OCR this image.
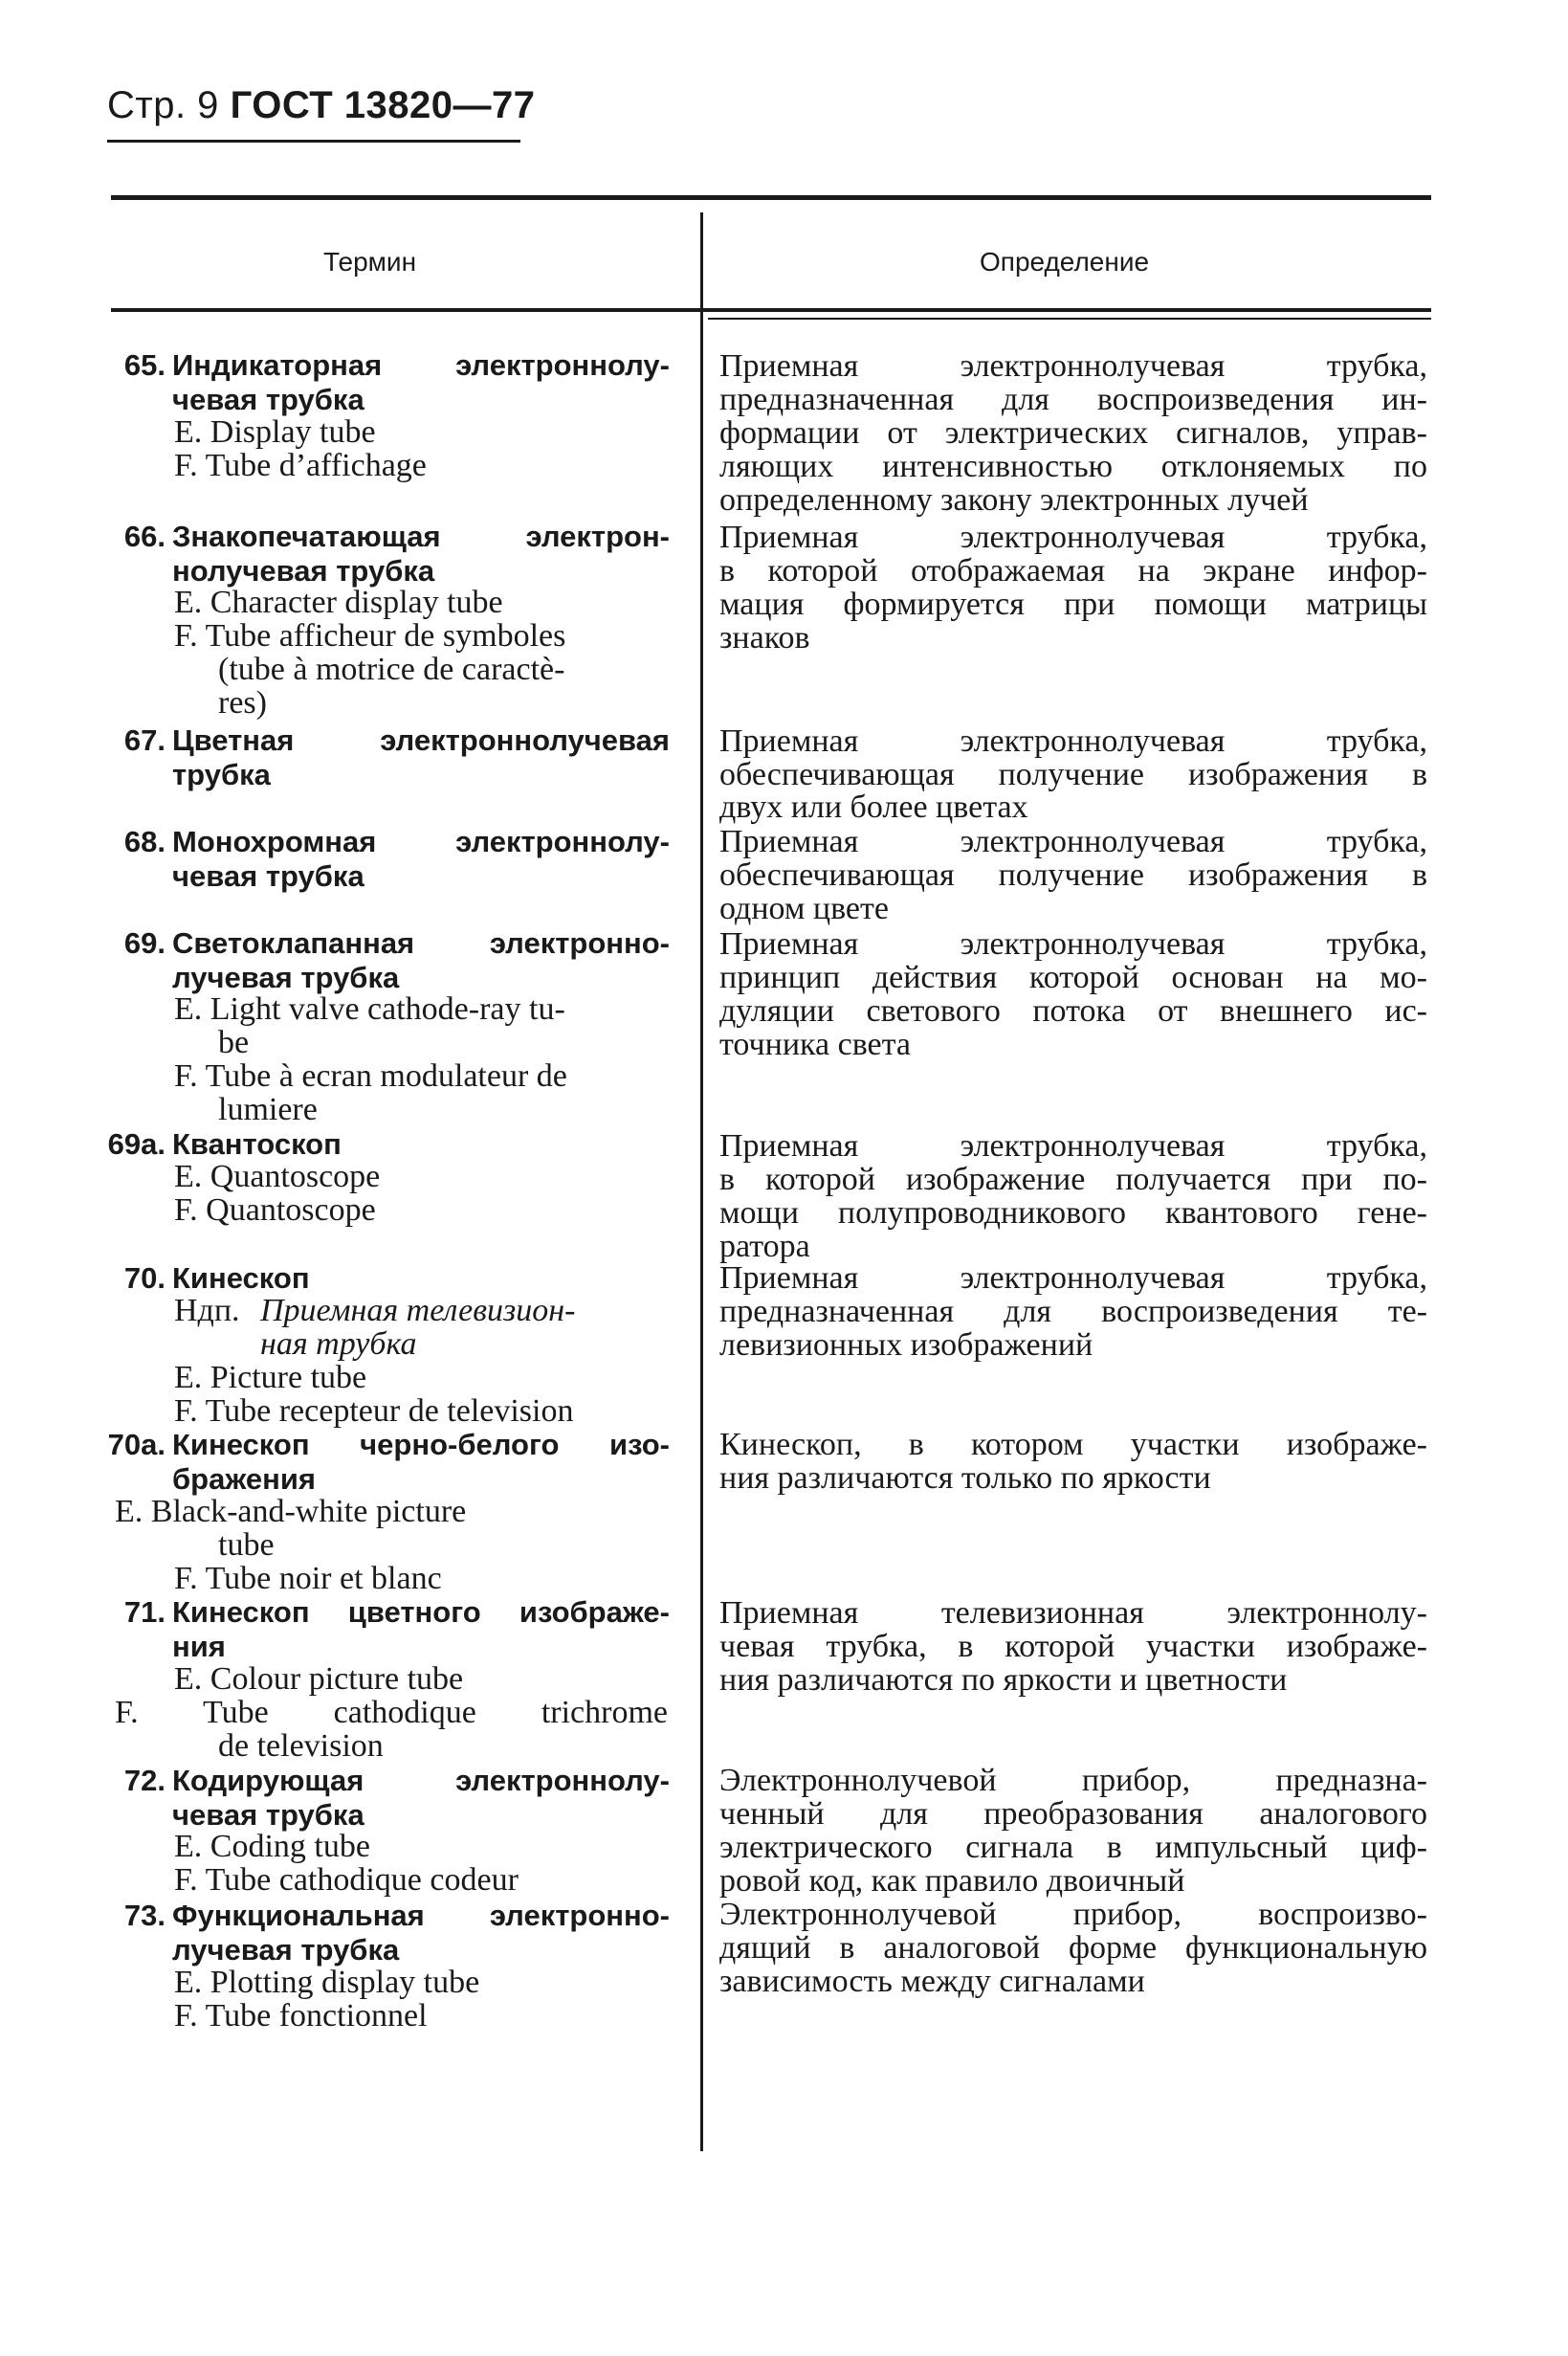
Стр. 9 ГОСТ 13820—77
Термин	Определение
65. Индикаторная электроннолу-
чевая трубка
E. Display tube
F. Tube d’affichage
Приемная электроннолучевая трубка,
предназначенная для воспроизведения ин-
формации от электрических сигналов, управ-
ляющих интенсивностью отклоняемых по
определенному закону электронных лучей
66. Знакопечатающая электрон-
нолучевая трубка
E. Character display tube
F. Tube afficheur de symboles
(tube à motrice de caractè-
res)
Приемная электроннолучевая трубка,
в которой отображаемая на экране инфор-
мация формируется при помощи матрицы
знаков
67. Цветная электроннолучевая
трубка
Приемная электроннолучевая трубка,
обеспечивающая получение изображения в
двух или более цветах
68. Монохромная электроннолу-
чевая трубка
Приемная электроннолучевая трубка,
обеспечивающая получение изображения в
одном цвете
69. Светоклапанная электронно-
лучевая трубка
E. Light valve cathode-ray tu-
be
F. Tube à ecran modulateur de
lumiere
Приемная электроннолучевая трубка,
принцип действия которой основан на мо-
дуляции светового потока от внешнего ис-
точника света
69a. Квантоскоп
E. Quantoscope
F. Quantoscope
Приемная электроннолучевая трубка,
в которой изображение получается при по-
мощи полупроводникового квантового гене-
ратора
70. Кинескоп
Ндп. Приемная телевизион-
ная трубка
E. Picture tube
F. Tube recepteur de television
Приемная электроннолучевая трубка,
предназначенная для воспроизведения те-
левизионных изображений
70a. Кинескоп черно-белого изо-
бражения
E. Black-and-white picture
tube
F. Tube noir et blanc
Кинескоп, в котором участки изображе-
ния различаются только по яркости
71. Кинескоп цветного изображе-
ния
E. Colour picture tube
F. Tube cathodique trichrome
de television
Приемная телевизионная электроннолу-
чевая трубка, в которой участки изображе-
ния различаются по яркости и цветности
72. Кодирующая электроннолу-
чевая трубка
E. Coding tube
F. Tube cathodique codeur
Электроннолучевой прибор, предназна-
ченный для преобразования аналогового
электрического сигнала в импульсный циф-
ровой код, как правило двоичный
73. Функциональная электронно-
лучевая трубка
E. Plotting display tube
F. Tube fonctionnel
Электроннолучевой прибор, воспроизво-
дящий в аналоговой форме функциональную
зависимость между сигналами
